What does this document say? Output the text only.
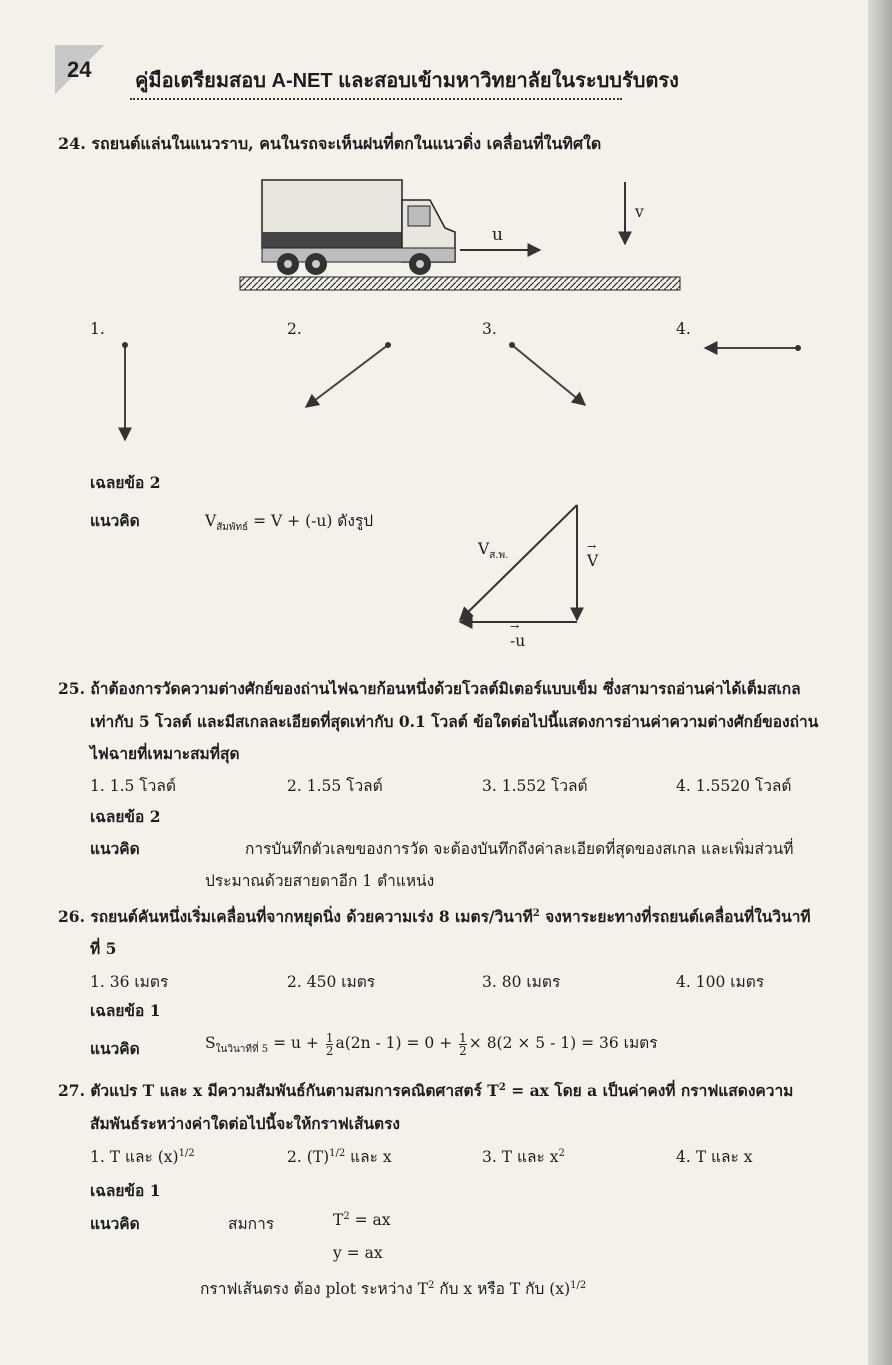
24 คู่มือเตรียมสอบ A-NET และสอบเข้ามหาวิทยาลัยในระบบรับตรง
24. รถยนต์แล่นในแนวราบ, คนในรถจะเห็นฝนที่ตกในแนวดิ่ง เคลื่อนที่ในทิศใด
u
v
1.	2.	3.	4.
เฉลยข้อ 2
แนวคิด	$V_{สัมพัทธ์} = V + (-u)$ ดังรูป
→ V
$V_{ส.พ.}$
→ -u
25. ถ้าต้องการวัดความต่างศักย์ของถ่านไฟฉายก้อนหนึ่งด้วยโวลต์มิเตอร์แบบเข็ม ซึ่งสามารถอ่านค่าได้เต็มสเกล
เท่ากับ 5 โวลต์ และมีสเกลละเอียดที่สุดเท่ากับ 0.1 โวลต์ ข้อใดต่อไปนี้แสดงการอ่านค่าความต่างศักย์ของถ่าน
ไฟฉายที่เหมาะสมที่สุด
1. 1.5 โวลต์	2. 1.55 โวลต์	3. 1.552 โวลต์	4. 1.5520 โวลต์
เฉลยข้อ 2
แนวคิด	การบันทึกตัวเลขของการวัด จะต้องบันทึกถึงค่าละเอียดที่สุดของสเกล และเพิ่มส่วนที่
ประมาณด้วยสายตาอีก 1 ตำแหน่ง
26. รถยนต์คันหนึ่งเริ่มเคลื่อนที่จากหยุดนิ่ง ด้วยความเร่ง 8 เมตร/วินาที$^2$ จงหาระยะทางที่รถยนต์เคลื่อนที่ในวินาที
ที่ 5
1. 36 เมตร	2. 450 เมตร	3. 80 เมตร	4. 100 เมตร
เฉลยข้อ 1
แนวคิด	$S_{ในวินาทีที่ 5} = u + \frac{1}{2} a(2n - 1) = 0 + \frac{1}{2} \times 8(2 \times 5 - 1) = 36$ เมตร
27. ตัวแปร T และ x มีความสัมพันธ์กันตามสมการคณิตศาสตร์ $T^2$ = ax โดย a เป็นค่าคงที่ กราฟแสดงความ
สัมพันธ์ระหว่างค่าใดต่อไปนี้จะให้กราฟเส้นตรง
1. T และ $(x)^{1/2}$	2. $(T)^{1/2}$ และ x	3. T และ $x^2$	4. T และ x
เฉลยข้อ 1
แนวคิด	สมการ	$T^2$ = ax
y = ax
กราฟเส้นตรง ต้อง plot ระหว่าง $T^2$ กับ x หรือ T กับ $(x)^{1/2}$
